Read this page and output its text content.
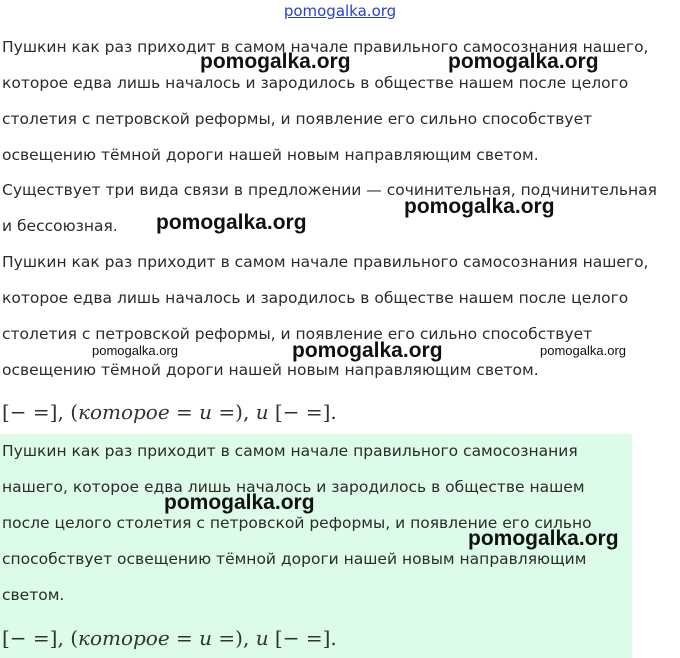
pomogalka.org
Пушкин как раз приходит в самом начале правильного самосознания нашего,
которое едва лишь началось и зародилось в обществе нашем после целого
столетия с петровской реформы, и появление его сильно способствует
освещению тёмной дороги нашей новым направляющим светом.
Существует три вида связи в предложении — сочинительная, подчинительная
и бессоюзная.
Пушкин как раз приходит в самом начале правильного самосознания нашего,
которое едва лишь началось и зародилось в обществе нашем после целого
столетия с петровской реформы, и появление его сильно способствует
освещению тёмной дороги нашей новым направляющим светом.
[− =], (которое = и =), и [− =].
Пушкин как раз приходит в самом начале правильного самосознания
нашего, которое едва лишь началось и зародилось в обществе нашем
после целого столетия с петровской реформы, и появление его сильно
способствует освещению тёмной дороги нашей новым направляющим
светом.
[− =], (которое = и =), и [− =].
pomogalka.org	pomogalka.org
pomogalka.org
pomogalka.org
pomogalka.org	pomogalka.org	pomogalka.org
pomogalka.org
pomogalka.org
